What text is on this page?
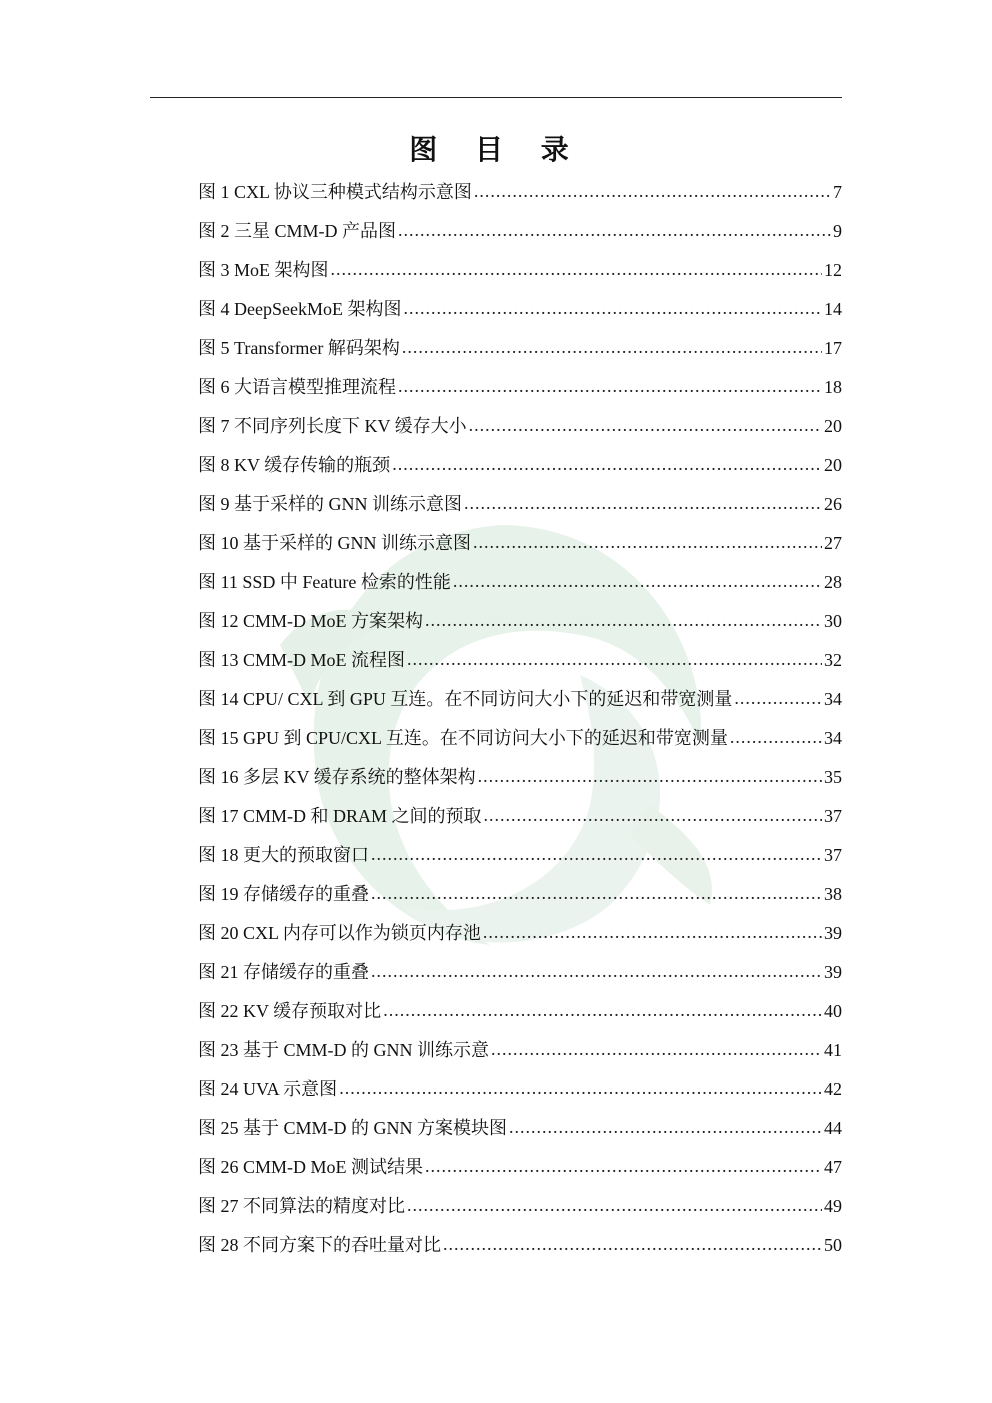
图 目 录
图 1 CXL 协议三种模式结构示意图 .....	7
图 2 三星 CMM-D 产品图 .....	9
图 3 MoE 架构图 .....	12
图 4 DeepSeekMoE 架构图 .....	14
图 5 Transformer 解码架构 .....	17
图 6 大语言模型推理流程 .....	18
图 7 不同序列长度下 KV 缓存大小 .....	20
图 8 KV 缓存传输的瓶颈 .....	20
图 9 基于采样的 GNN 训练示意图 .....	26
图 10 基于采样的 GNN 训练示意图 .....	27
图 11 SSD 中 Feature 检索的性能 .....	28
图 12 CMM-D MoE 方案架构 .....	30
图 13 CMM-D MoE 流程图 .....	32
图 14 CPU/ CXL 到 GPU 互连。在不同访问大小下的延迟和带宽测量 .....	34
图 15 GPU 到 CPU/CXL 互连。在不同访问大小下的延迟和带宽测量 .....	34
图 16 多层 KV 缓存系统的整体架构 .....	35
图 17 CMM-D 和 DRAM 之间的预取 .....	37
图 18 更大的预取窗口 .....	37
图 19 存储缓存的重叠 .....	38
图 20 CXL 内存可以作为锁页内存池 .....	39
图 21 存储缓存的重叠 .....	39
图 22 KV 缓存预取对比 .....	40
图 23 基于 CMM-D 的 GNN 训练示意 .....	41
图 24 UVA 示意图 .....	42
图 25 基于 CMM-D 的 GNN 方案模块图 .....	44
图 26 CMM-D MoE 测试结果 .....	47
图 27 不同算法的精度对比 .....	49
图 28 不同方案下的吞吐量对比 .....	50
